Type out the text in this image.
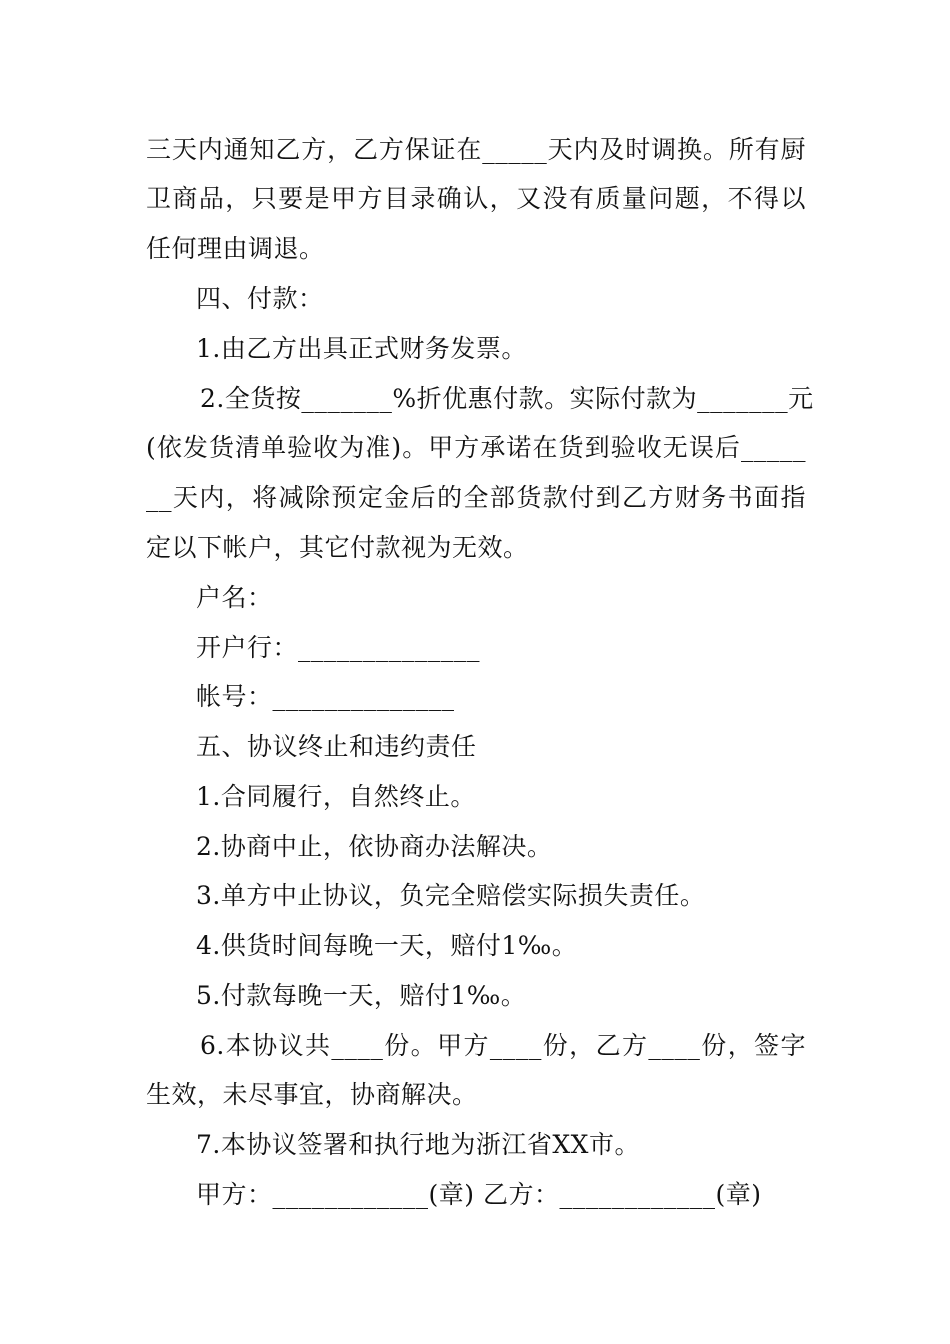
三天内通知乙方，乙方保证在_____天内及时调换。所有厨
卫商品，只要是甲方目录确认，又没有质量问题，不得以
任何理由调退。
四、付款：
1.由乙方出具正式财务发票。
2.全货按_______%折优惠付款。实际付款为_______元
(依发货清单验收为准)。甲方承诺在货到验收无误后_____
__天内，将减除预定金后的全部货款付到乙方财务书面指
定以下帐户，其它付款视为无效。
户名：
开户行：______________
帐号：______________
五、协议终止和违约责任
1.合同履行，自然终止。
2.协商中止，依协商办法解决。
3.单方中止协议，负完全赔偿实际损失责任。
4.供货时间每晚一天，赔付1‰。
5.付款每晚一天，赔付1‰。
6.本协议共____份。甲方____份，乙方____份，签字
生效，未尽事宜，协商解决。
7.本协议签署和执行地为浙江省XX市。
甲方：____________(章) 乙方：____________(章)
